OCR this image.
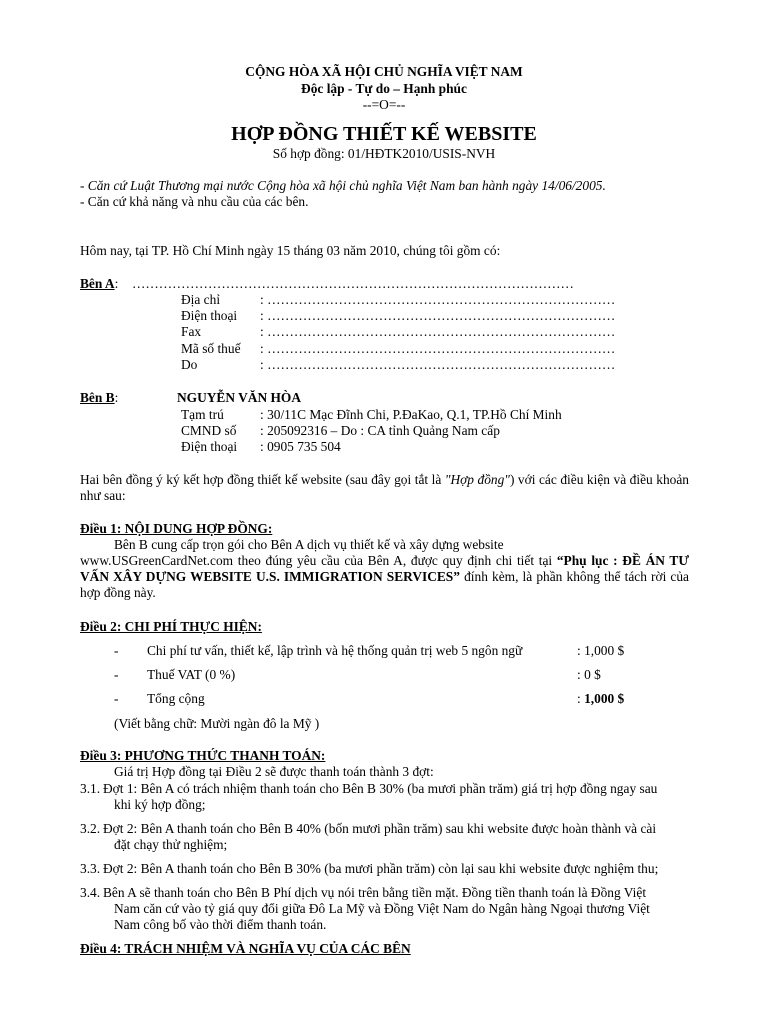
CỘNG HÒA XÃ HỘI CHỦ NGHĨA VIỆT NAM
Độc lập - Tự do – Hạnh phúc
--=O=--
HỢP ĐỒNG THIẾT KẾ WEBSITE
Số hợp đồng: 01/HĐTK2010/USIS-NVH
- Căn cứ Luật Thương mại nước Cộng hòa xã hội chủ nghĩa Việt Nam ban hành ngày 14/06/2005.
- Căn cứ khả năng và nhu cầu của các bên.
Hôm nay, tại TP. Hồ Chí Minh ngày 15 tháng 03 năm 2010, chúng tôi gồm có:
Bên A: ………………………………………………………………………………………
Địa chỉ	: ……………………………………………………………………
Điện thoại : ……………………………………………………………………
Fax	: ……………………………………………………………………
Mã số thuế : ……………………………………………………………………
Do	: ……………………………………………………………………
Bên B:	NGUYỄN VĂN HÒA
Tạm trú	: 30/11C Mạc Đĩnh Chi, P.ĐaKao, Q.1, TP.Hồ Chí Minh
CMND số : 205092316 – Do : CA tỉnh Quảng Nam cấp
Điện thoại : 0905 735 504
Hai bên đồng ý ký kết hợp đồng thiết kế website (sau đây gọi tắt là "Hợp đồng") với các điều kiện và điều khoản như sau:
Điều 1: NỘI DUNG HỢP ĐỒNG:
Bên B cung cấp trọn gói cho Bên A dịch vụ thiết kế và xây dựng website
www.USGreenCardNet.com theo đúng yêu cầu của Bên A, được quy định chi tiết tại “Phụ lục : ĐỀ ÁN TƯ VẤN XÂY DỰNG WEBSITE U.S. IMMIGRATION SERVICES” đính kèm, là phần không thể tách rời của hợp đồng này.
Điều 2: CHI PHÍ THỰC HIỆN:
- Chi phí tư vấn, thiết kế, lập trình và hệ thống quản trị web 5 ngôn ngữ	: 1,000 $
- Thuế VAT (0 %)	: 0 $
- Tổng cộng	: 1,000 $
(Viết bằng chữ: Mười ngàn đô la Mỹ )
Điều 3: PHƯƠNG THỨC THANH TOÁN:
Giá trị Hợp đồng tại Điều 2 sẽ được thanh toán thành 3 đợt:
3.1. Đợt 1: Bên A có trách nhiệm thanh toán cho Bên B 30% (ba mươi phần trăm) giá trị hợp đồng ngay sau
khi ký hợp đồng;
3.2. Đợt 2: Bên A thanh toán cho Bên B 40% (bốn mươi phần trăm) sau khi website được hoàn thành và cài
đặt chạy thử nghiệm;
3.3. Đợt 2: Bên A thanh toán cho Bên B 30% (ba mươi phần trăm) còn lại sau khi website được nghiệm thu;
3.4. Bên A sẽ thanh toán cho Bên B Phí dịch vụ nói trên bằng tiền mặt. Đồng tiền thanh toán là Đồng Việt
Nam căn cứ vào tỷ giá quy đổi giữa Đô La Mỹ và Đồng Việt Nam do Ngân hàng Ngoại thương Việt
Nam công bố vào thời điểm thanh toán.
Điều 4: TRÁCH NHIỆM VÀ NGHĨA VỤ CỦA CÁC BÊN
